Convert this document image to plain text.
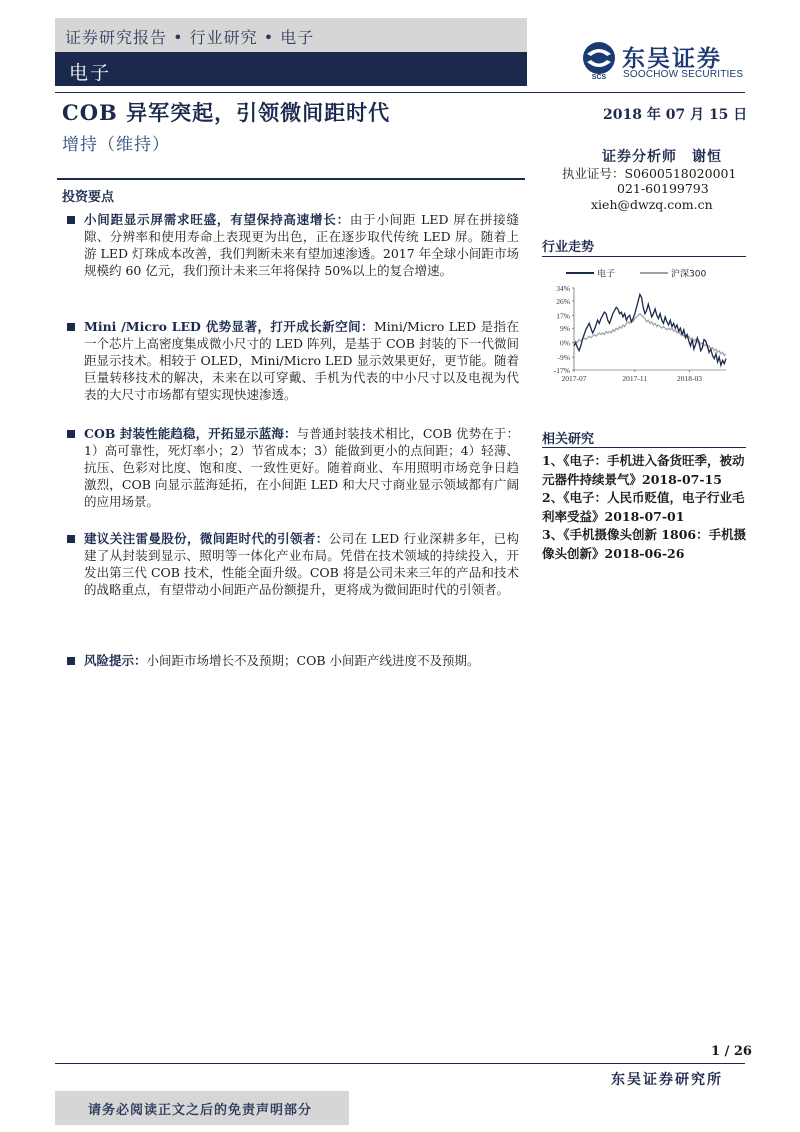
证券研究报告 • 行业研究 • 电子
电子	SCS
东吴证券
SOOCHOW SECURITIES
COB 异军突起，引领微间距时代
增持（维持）
2018 年 07 月 15 日
证券分析师　谢恒
执业证号：S0600518020001
021-60199793
xieh@dwzq.com.cn
投资要点
小间距显示屏需求旺盛，有望保持高速增长：由于小间距 LED 屏在拼接缝隙、分辨率和使用寿命上表现更为出色，正在逐步取代传统 LED 屏。随着上游 LED 灯珠成本改善，我们判断未来有望加速渗透。2017 年全球小间距市场规模约 60 亿元，我们预计未来三年将保持 50%以上的复合增速。
Mini /Micro LED 优势显著，打开成长新空间：Mini/Micro LED 是指在一个芯片上高密度集成微小尺寸的 LED 阵列，是基于 COB 封装的下一代微间距显示技术。相较于 OLED，Mini/Micro LED 显示效果更好，更节能。随着巨量转移技术的解决，未来在以可穿戴、手机为代表的中小尺寸以及电视为代表的大尺寸市场都有望实现快速渗透。
COB 封装性能趋稳，开拓显示蓝海：与普通封装技术相比，COB 优势在于：1）高可靠性，死灯率小；2）节省成本；3）能做到更小的点间距；4）轻薄、抗压、色彩对比度、饱和度、一致性更好。随着商业、车用照明市场竞争日趋激烈，COB 向显示蓝海延拓，在小间距 LED 和大尺寸商业显示领域都有广阔的应用场景。
建议关注雷曼股份，微间距时代的引领者：公司在 LED 行业深耕多年，已构建了从封装到显示、照明等一体化产业布局。凭借在技术领域的持续投入，开发出第三代 COB 技术，性能全面升级。COB 将是公司未来三年的产品和技术的战略重点，有望带动小间距产品份额提升，更将成为微间距时代的引领者。
风险提示：小间距市场增长不及预期；COB 小间距产线进度不及预期。
行业走势
34%
26%
17%
9%
0%
-9%
-17%
2017-07	2017-11	2018-03
电子	沪深300
相关研究

1、《电子：手机进入备货旺季，被动元器件持续景气》2018-07-15

2、《电子：人民币贬值，电子行业毛利率受益》2018-07-01

3、《手机摄像头创新 1806：手机摄像头创新》2018-06-26

1 / 26
东吴证券研究所
请务必阅读正文之后的免责声明部分
